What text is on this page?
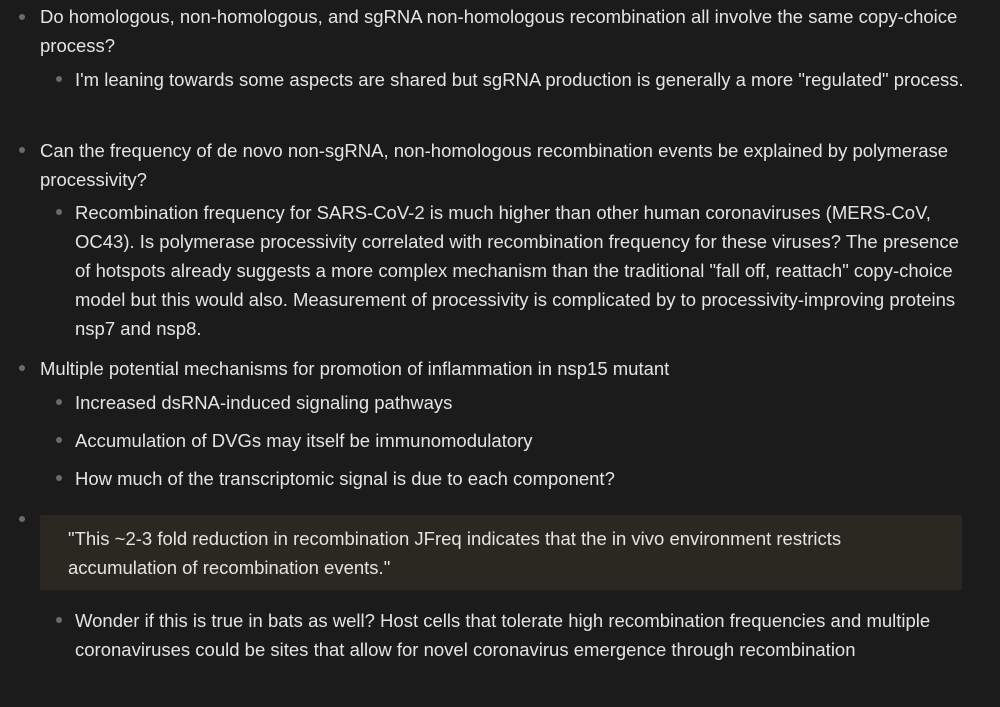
Do homologous, non-homologous, and sgRNA non-homologous recombination all involve the same copy-choice process?
I'm leaning towards some aspects are shared but sgRNA production is generally a more "regulated" process.
Can the frequency of de novo non-sgRNA, non-homologous recombination events be explained by polymerase processivity?
Recombination frequency for SARS-CoV-2 is much higher than other human coronaviruses (MERS-CoV, OC43). Is polymerase processivity correlated with recombination frequency for these viruses? The presence of hotspots already suggests a more complex mechanism than the traditional "fall off, reattach" copy-choice model but this would also. Measurement of processivity is complicated by to processivity-improving proteins nsp7 and nsp8.
Multiple potential mechanisms for promotion of inflammation in nsp15 mutant
Increased dsRNA-induced signaling pathways
Accumulation of DVGs may itself be immunomodulatory
How much of the transcriptomic signal is due to each component?
"This ~2-3 fold reduction in recombination JFreq indicates that the in vivo environment restricts accumulation of recombination events."
Wonder if this is true in bats as well? Host cells that tolerate high recombination frequencies and multiple coronaviruses could be sites that allow for novel coronavirus emergence through recombination
